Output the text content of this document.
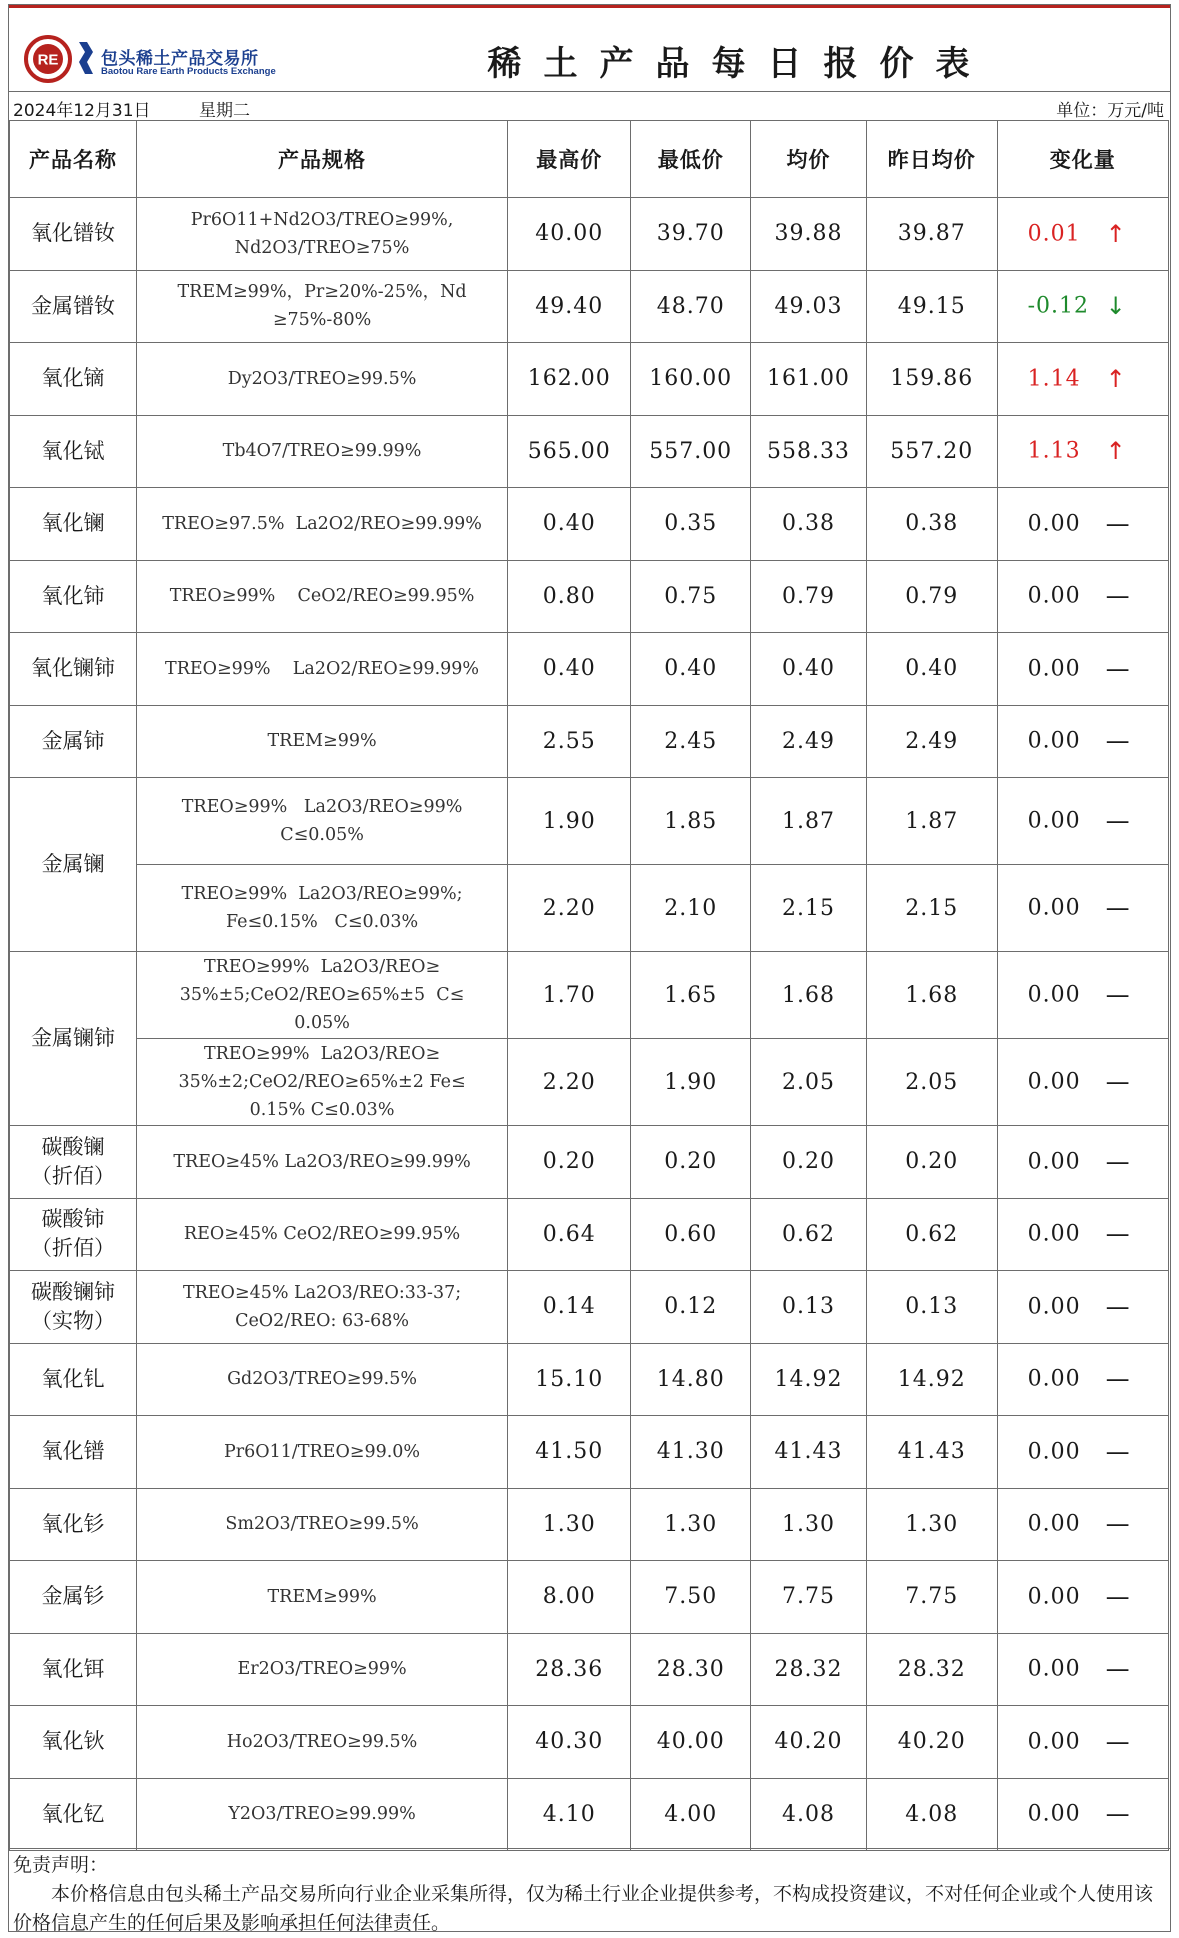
RE	包头稀土产品交易所
Baotou Rare Earth Products Exchange	稀土产品每日报价表
2024年12月31日	星期二	单位：万元/吨
产品名称	产品规格	最高价	最低价	均价	昨日均价	变化量
氧化镨钕	Pr6O11+Nd2O3/TREO≥99%,
Nd2O3/TREO≥75%	40.00	39.70	39.88	39.87	0.01 ↑

金属镨钕	TREM≥99%，Pr≥20%-25%，Nd
≥75%-80%	49.40	48.70	49.03	49.15	-0.12 ↓

氧化镝	Dy2O3/TREO≥99.5%	162.00	160.00	161.00	159.86	1.14 ↑

氧化铽	Tb4O7/TREO≥99.99%	565.00	557.00	558.33	557.20	1.13 ↑

氧化镧	TREO≥97.5%  La2O2/REO≥99.99%	0.40	0.35	0.38	0.38	0.00 —

氧化铈	TREO≥99%    CeO2/REO≥99.95%	0.80	0.75	0.79	0.79	0.00 —

氧化镧铈	TREO≥99%    La2O2/REO≥99.99%	0.40	0.40	0.40	0.40	0.00 —

金属铈	TREM≥99%	2.55	2.45	2.49	2.49	0.00 —

金属镧	TREO≥99%   La2O3/REO≥99%
C≤0.05%	1.90	1.85	1.87	1.87	0.00 —

	TREO≥99%  La2O3/REO≥99%;
Fe≤0.15%   C≤0.03%	2.20	2.10	2.15	2.15	0.00 —

金属镧铈	TREO≥99%  La2O3/REO≥
35%±5;CeO2/REO≥65%±5  C≤
0.05%	1.70	1.65	1.68	1.68	0.00 —

	TREO≥99%  La2O3/REO≥
35%±2;CeO2/REO≥65%±2 Fe≤
0.15% C≤0.03%	2.20	1.90	2.05	2.05	0.00 —

碳酸镧
（折佰）	TREO≥45% La2O3/REO≥99.99%	0.20	0.20	0.20	0.20	0.00 —

碳酸铈
（折佰）	REO≥45% CeO2/REO≥99.95%	0.64	0.60	0.62	0.62	0.00 —

碳酸镧铈
（实物）	TREO≥45% La2O3/REO:33-37;
CeO2/REO: 63-68%	0.14	0.12	0.13	0.13	0.00 —

氧化钆	Gd2O3/TREO≥99.5%	15.10	14.80	14.92	14.92	0.00 —

氧化镨	Pr6O11/TREO≥99.0%	41.50	41.30	41.43	41.43	0.00 —

氧化钐	Sm2O3/TREO≥99.5%	1.30	1.30	1.30	1.30	0.00 —

金属钐	TREM≥99%	8.00	7.50	7.75	7.75	0.00 —

氧化铒	Er2O3/TREO≥99%	28.36	28.30	28.32	28.32	0.00 —

氧化钬	Ho2O3/TREO≥99.5%	40.30	40.00	40.20	40.20	0.00 —

氧化钇	Y2O3/TREO≥99.99%	4.10	4.00	4.08	4.08	0.00 —
免责声明：
本价格信息由包头稀土产品交易所向行业企业采集所得，仅为稀土行业企业提供参考，不构成投资建议，不对任何企业或个人使用该价格信息产生的任何后果及影响承担任何法律责任。
